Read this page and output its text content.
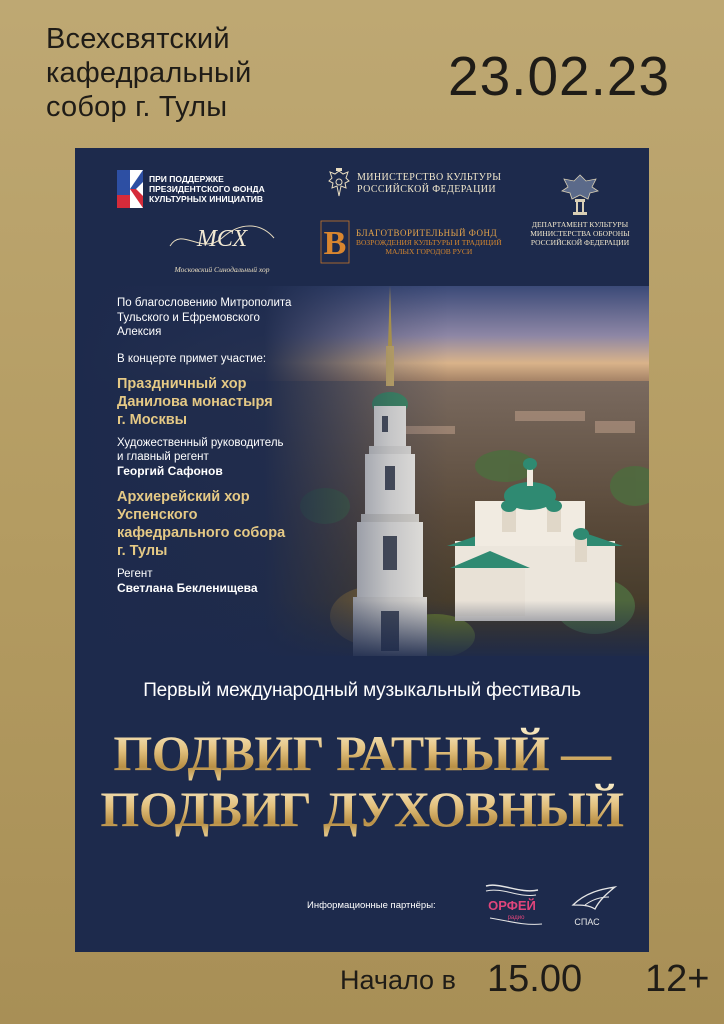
Всехсвятский
кафедральный
собор г. Тулы	23.02.23
ПРИ ПОДДЕРЖКЕ
ПРЕЗИДЕНТСКОГО ФОНДА
КУЛЬТУРНЫХ ИНИЦИАТИВ
МИНИСТЕРСТВО КУЛЬТУРЫ
РОССИЙСКОЙ ФЕДЕРАЦИИ
ДЕПАРТАМЕНТ КУЛЬТУРЫ
МИНИСТЕРСТВА ОБОРОНЫ
РОССИЙСКОЙ ФЕДЕРАЦИИ
МСХ
Московский Синодальный хор
В БЛАГОТВОРИТЕЛЬНЫЙ ФОНД
ВОЗРОЖДЕНИЯ КУЛЬТУРЫ И ТРАДИЦИЙ
МАЛЫХ ГОРОДОВ РУСИ
По благословению Митрополита
Тульского и Ефремовского
Алексия
В концерте примет участие:
Праздничный хор
Данилова монастыря
г. Москвы
Художественный руководитель
и главный регент
Георгий Сафонов
Архиерейский хор
Успенского
кафедрального собора
г. Тулы
Регент
Светлана Бекленищева
Первый международный музыкальный фестиваль
ПОДВИГ РАТНЫЙ —
ПОДВИГ ДУХОВНЫЙ
Информационные партнёры:	ОРФЕЙ
радио	СПАС
Начало в 15.00 12+
